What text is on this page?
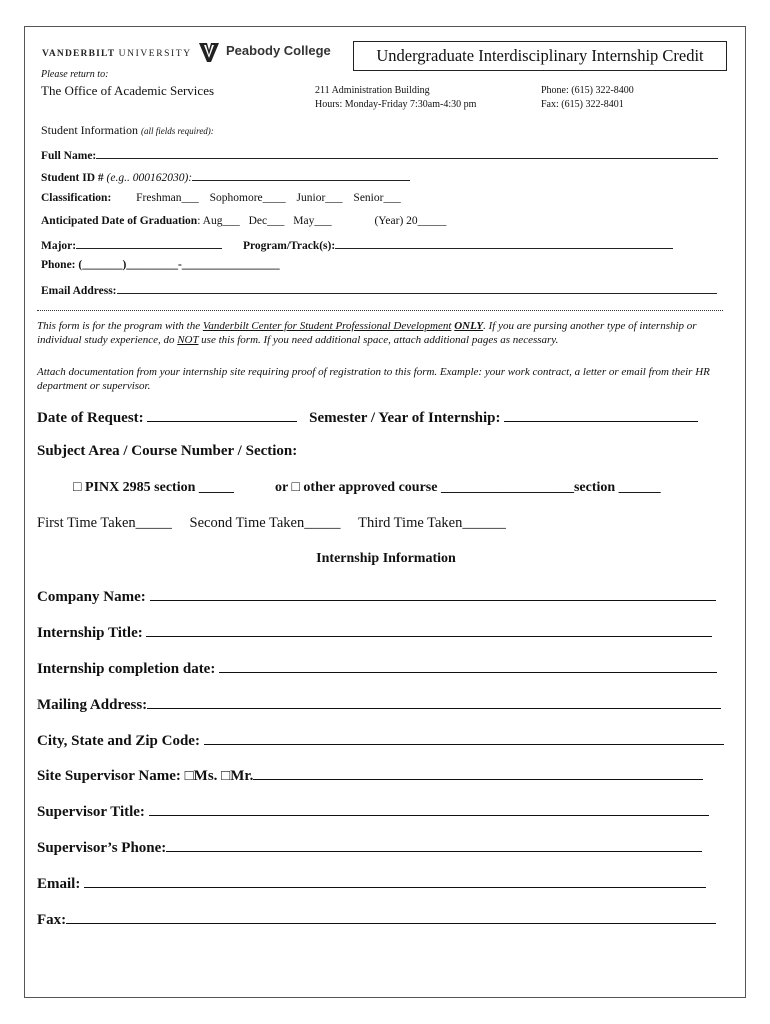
VANDERBILT UNIVERSITY	Peabody College	Undergraduate Interdisciplinary Internship Credit
Please return to:
The Office of Academic Services	211 Administration Building
Hours: Monday-Friday 7:30am-4:30 pm
Phone: (615) 322-8400
Fax: (615) 322-8401
Student Information (all fields required):
Full Name:
Student ID # (e.g.. 000162030):
Classification: Freshman___ Sophomore____ Junior___ Senior___
Anticipated Date of Graduation: Aug___ Dec___ May___	(Year) 20_____
Major:	Program/Track(s):
Phone: (_______)_________-_________________
Email Address:
This form is for the program with the Vanderbilt Center for Student Professional Development ONLY. If you are pursing another type of internship or individual study experience, do NOT use this form. If you need additional space, attach additional pages as necessary.
Attach documentation from your internship site requiring proof of registration to this form. Example: your work contract, a letter or email from their HR department or supervisor.
Date of Request:	Semester / Year of Internship:
Subject Area / Course Number / Section:
□ PINX 2985 section _____	or □ other approved course ___________________section ______
First Time Taken_____ Second Time Taken_____ Third Time Taken______
Internship Information
Company Name:
Internship Title:
Internship completion date:
Mailing Address:
City, State and Zip Code:
Site Supervisor Name: □Ms. □Mr.
Supervisor Title:
Supervisor’s Phone:
Email:
Fax:
